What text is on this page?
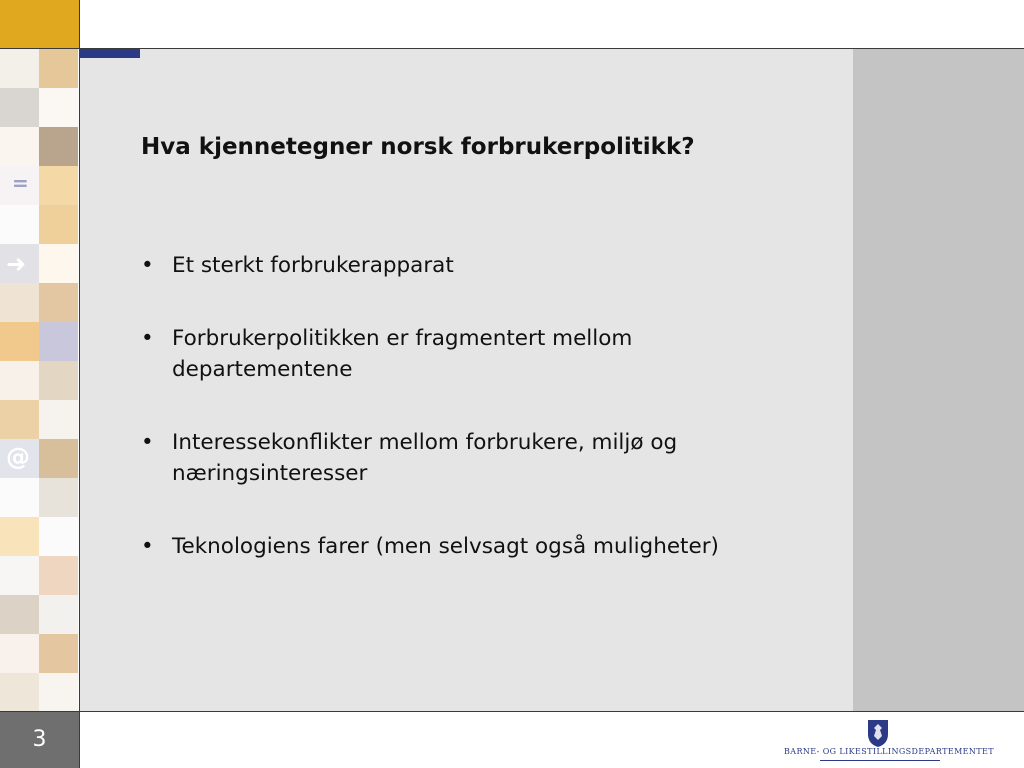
=
➜
@
Hva kjennetegner norsk forbrukerpolitikk?
• Et sterkt forbrukerapparat
• Forbrukerpolitikken er fragmentert mellom departementene
• Interessekonflikter mellom forbrukere, miljø og næringsinteresser
• Teknologiens farer (men selvsagt også muligheter)
3	BARNE- OG LIKESTILLINGSDEPARTEMENTET
